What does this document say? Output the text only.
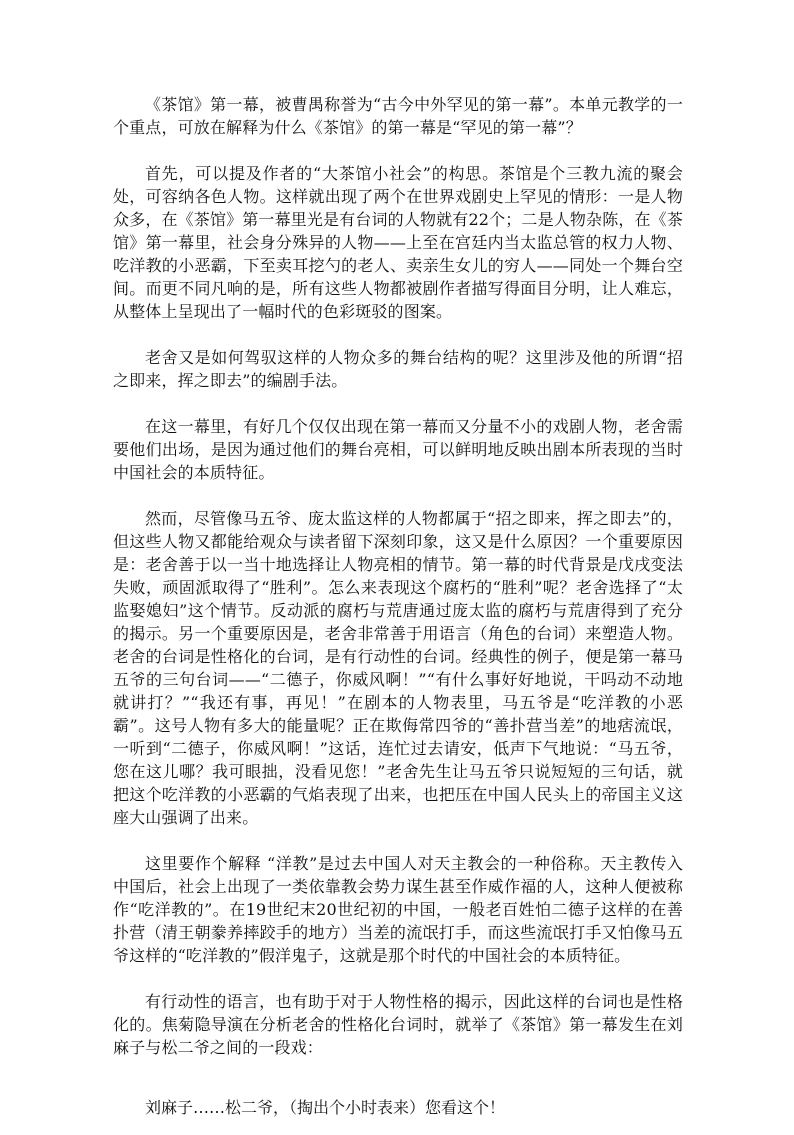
《茶馆》第一幕，被曹禺称誉为“古今中外罕见的第一幕”。本单元教学的一个重点，可放在解释为什么《茶馆》的第一幕是“罕见的第一幕”？

首先，可以提及作者的“大茶馆小社会”的构思。茶馆是个三教九流的聚会处，可容纳各色人物。这样就出现了两个在世界戏剧史上罕见的情形：一是人物众多，在《茶馆》第一幕里光是有台词的人物就有22个；二是人物杂陈，在《茶馆》第一幕里，社会身分殊异的人物——上至在宫廷内当太监总管的权力人物、吃洋教的小恶霸，下至卖耳挖勺的老人、卖亲生女儿的穷人——同处一个舞台空间。而更不同凡响的是，所有这些人物都被剧作者描写得面目分明，让人难忘，从整体上呈现出了一幅时代的色彩斑驳的图案。

老舍又是如何驾驭这样的人物众多的舞台结构的呢？这里涉及他的所谓“招之即来，挥之即去”的编剧手法。

在这一幕里，有好几个仅仅出现在第一幕而又分量不小的戏剧人物，老舍需要他们出场，是因为通过他们的舞台亮相，可以鲜明地反映出剧本所表现的当时中国社会的本质特征。

然而，尽管像马五爷、庞太监这样的人物都属于“招之即来，挥之即去”的，但这些人物又都能给观众与读者留下深刻印象，这又是什么原因？一个重要原因是：老舍善于以一当十地选择让人物亮相的情节。第一幕的时代背景是戊戌变法失败，顽固派取得了“胜利”。怎么来表现这个腐朽的“胜利”呢？老舍选择了“太监娶媳妇”这个情节。反动派的腐朽与荒唐通过庞太监的腐朽与荒唐得到了充分的揭示。另一个重要原因是，老舍非常善于用语言（角色的台词）来塑造人物。老舍的台词是性格化的台词，是有行动性的台词。经典性的例子，便是第一幕马五爷的三句台词——“二德子，你威风啊！”“有什么事好好地说，干吗动不动地就讲打？”“我还有事，再见！”在剧本的人物表里，马五爷是“吃洋教的小恶霸”。这号人物有多大的能量呢？正在欺侮常四爷的“善扑营当差”的地痞流氓，一听到“二德子，你威风啊！”这话，连忙过去请安，低声下气地说：“马五爷，您在这儿哪？我可眼拙，没看见您！”老舍先生让马五爷只说短短的三句话，就把这个吃洋教的小恶霸的气焰表现了出来，也把压在中国人民头上的帝国主义这座大山强调了出来。

这里要作个解释 “洋教”是过去中国人对天主教会的一种俗称。天主教传入中国后，社会上出现了一类依靠教会势力谋生甚至作威作福的人，这种人便被称作“吃洋教的”。在19世纪末20世纪初的中国，一般老百姓怕二德子这样的在善扑营（清王朝豢养摔跤手的地方）当差的流氓打手，而这些流氓打手又怕像马五爷这样的“吃洋教的”假洋鬼子，这就是那个时代的中国社会的本质特征。

有行动性的语言，也有助于对于人物性格的揭示，因此这样的台词也是性格化的。焦菊隐导演在分析老舍的性格化台词时，就举了《茶馆》第一幕发生在刘麻子与松二爷之间的一段戏：

刘麻子……松二爷，（掏出个小时表来）您看这个！
